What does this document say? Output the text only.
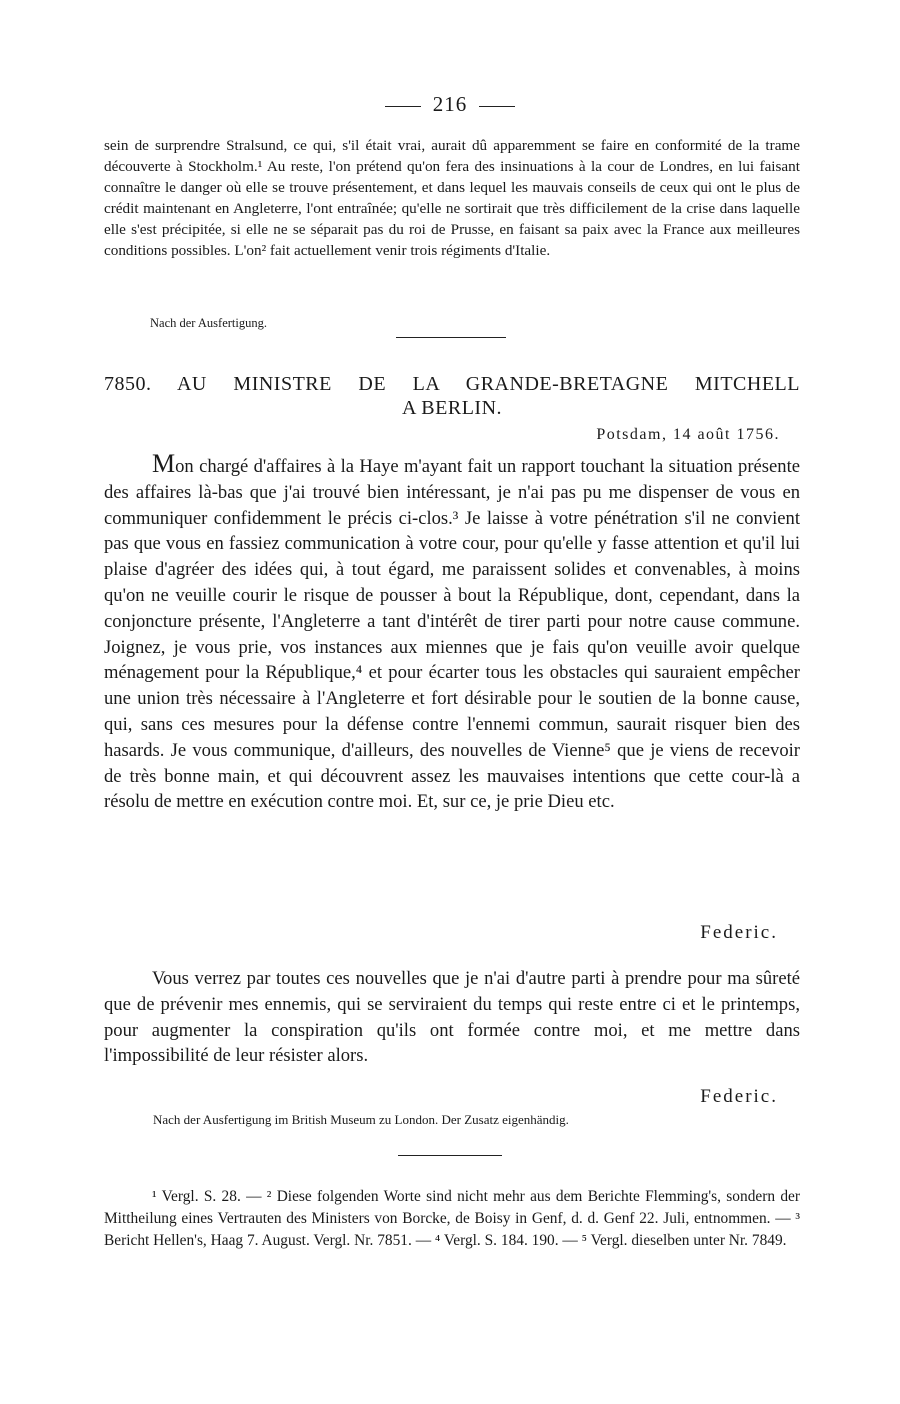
216
sein de surprendre Stralsund, ce qui, s'il était vrai, aurait dû apparemment se faire en conformité de la trame découverte à Stockholm.¹ Au reste, l'on prétend qu'on fera des insinuations à la cour de Londres, en lui faisant connaître le danger où elle se trouve présentement, et dans lequel les mauvais conseils de ceux qui ont le plus de crédit maintenant en Angleterre, l'ont entraînée; qu'elle ne sortirait que très difficilement de la crise dans laquelle elle s'est précipitée, si elle ne se séparait pas du roi de Prusse, en faisant sa paix avec la France aux meilleures conditions possibles. L'on² fait actuellement venir trois régiments d'Italie.
Nach der Ausfertigung.
7850. AU MINISTRE DE LA GRANDE-BRETAGNE MITCHELL
A BERLIN.
Potsdam, 14 août 1756.

Mon chargé d'affaires à la Haye m'ayant fait un rapport touchant la situation présente des affaires là-bas que j'ai trouvé bien intéressant, je n'ai pas pu me dispenser de vous en communiquer confidemment le précis ci-clos.³ Je laisse à votre pénétration s'il ne convient pas que vous en fassiez communication à votre cour, pour qu'elle y fasse attention et qu'il lui plaise d'agréer des idées qui, à tout égard, me paraissent solides et convenables, à moins qu'on ne veuille courir le risque de pousser à bout la République, dont, cependant, dans la conjoncture présente, l'Angleterre a tant d'intérêt de tirer parti pour notre cause commune. Joignez, je vous prie, vos instances aux miennes que je fais qu'on veuille avoir quelque ménagement pour la République,⁴ et pour écarter tous les obstacles qui sauraient empêcher une union très nécessaire à l'Angleterre et fort désirable pour le soutien de la bonne cause, qui, sans ces mesures pour la défense contre l'ennemi commun, saurait risquer bien des hasards. Je vous communique, d'ailleurs, des nouvelles de Vienne⁵ que je viens de recevoir de très bonne main, et qui découvrent assez les mauvaises intentions que cette cour-là a résolu de mettre en exécution contre moi. Et, sur ce, je prie Dieu etc.

Federic.

Vous verrez par toutes ces nouvelles que je n'ai d'autre parti à prendre pour ma sûreté que de prévenir mes ennemis, qui se serviraient du temps qui reste entre ci et le printemps, pour augmenter la conspiration qu'ils ont formée contre moi, et me mettre dans l'impossibilité de leur résister alors.

Federic.
Nach der Ausfertigung im British Museum zu London. Der Zusatz eigenhändig.

¹ Vergl. S. 28. — ² Diese folgenden Worte sind nicht mehr aus dem Berichte Flemming's, sondern der Mittheilung eines Vertrauten des Ministers von Borcke, de Boisy in Genf, d. d. Genf 22. Juli, entnommen. — ³ Bericht Hellen's, Haag 7. August. Vergl. Nr. 7851. — ⁴ Vergl. S. 184. 190. — ⁵ Vergl. dieselben unter Nr. 7849.
